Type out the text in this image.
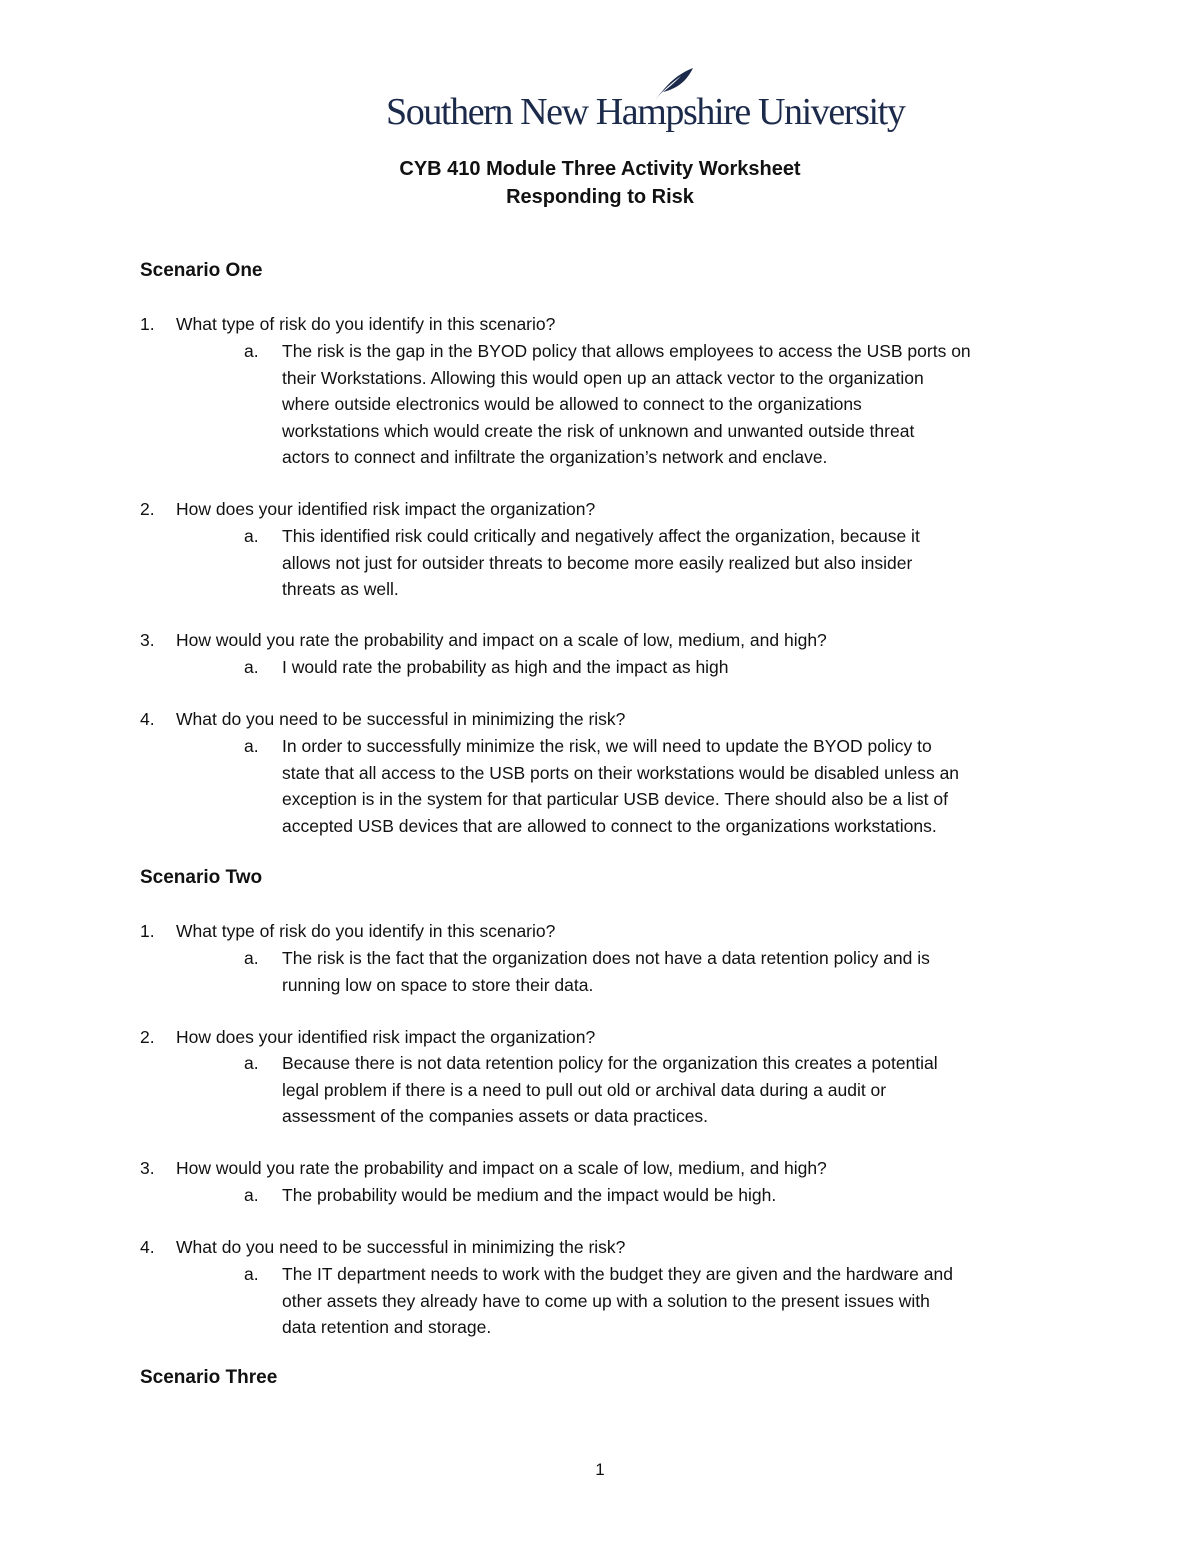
Southern New Hampshire University
CYB 410 Module Three Activity Worksheet
Responding to Risk
Scenario One
1.	What type of risk do you identify in this scenario?
a.	The risk is the gap in the BYOD policy that allows employees to access the USB ports on
their Workstations. Allowing this would open up an attack vector to the organization
where outside electronics would be allowed to connect to the organizations
workstations which would create the risk of unknown and unwanted outside threat
actors to connect and infiltrate the organization’s network and enclave.
2.	How does your identified risk impact the organization?
a.	This identified risk could critically and negatively affect the organization, because it
allows not just for outsider threats to become more easily realized but also insider
threats as well.
3.	How would you rate the probability and impact on a scale of low, medium, and high?
a.	I would rate the probability as high and the impact as high
4.	What do you need to be successful in minimizing the risk?
a.	In order to successfully minimize the risk, we will need to update the BYOD policy to
state that all access to the USB ports on their workstations would be disabled unless an
exception is in the system for that particular USB device. There should also be a list of
accepted USB devices that are allowed to connect to the organizations workstations.
Scenario Two
1.	What type of risk do you identify in this scenario?
a.	The risk is the fact that the organization does not have a data retention policy and is
running low on space to store their data.
2.	How does your identified risk impact the organization?
a.	Because there is not data retention policy for the organization this creates a potential
legal problem if there is a need to pull out old or archival data during a audit or
assessment of the companies assets or data practices.
3.	How would you rate the probability and impact on a scale of low, medium, and high?
a.	The probability would be medium and the impact would be high.
4.	What do you need to be successful in minimizing the risk?
a.	The IT department needs to work with the budget they are given and the hardware and
other assets they already have to come up with a solution to the present issues with
data retention and storage.
Scenario Three
1
